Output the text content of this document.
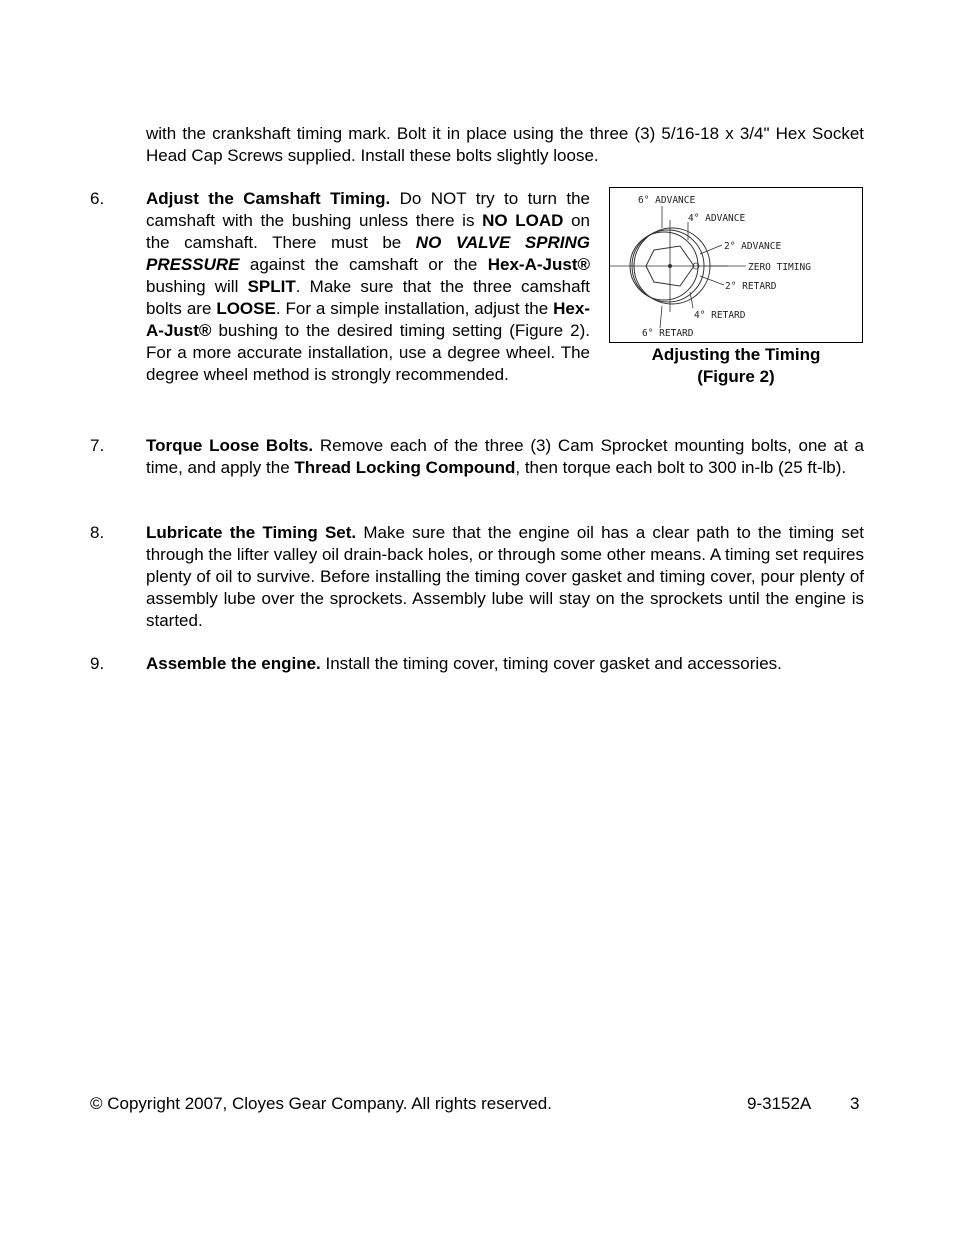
with the crankshaft timing mark. Bolt it in place using the three (3) 5/16-18 x 3/4" Hex Socket Head Cap Screws supplied. Install these bolts slightly loose.
6. Adjust the Camshaft Timing. Do NOT try to turn the camshaft with the bushing unless there is NO LOAD on the camshaft. There must be NO VALVE SPRING PRESSURE against the camshaft or the Hex-A-Just® bushing will SPLIT. Make sure that the three camshaft bolts are LOOSE. For a simple installation, adjust the Hex-A-Just® bushing to the desired timing setting (Figure 2). For a more accurate installation, use a degree wheel. The degree wheel method is strongly recommended.
6° ADVANCE
4° ADVANCE
2° ADVANCE
ZERO TIMING
2° RETARD
4° RETARD
6° RETARD
Adjusting the Timing
(Figure 2)
7. Torque Loose Bolts. Remove each of the three (3) Cam Sprocket mounting bolts, one at a time, and apply the Thread Locking Compound, then torque each bolt to 300 in-lb (25 ft-lb).
8. Lubricate the Timing Set. Make sure that the engine oil has a clear path to the timing set through the lifter valley oil drain-back holes, or through some other means. A timing set requires plenty of oil to survive. Before installing the timing cover gasket and timing cover, pour plenty of assembly lube over the sprockets. Assembly lube will stay on the sprockets until the engine is started.
9. Assemble the engine. Install the timing cover, timing cover gasket and accessories.
© Copyright 2007, Cloyes Gear Company. All rights reserved.	9-3152A 3
